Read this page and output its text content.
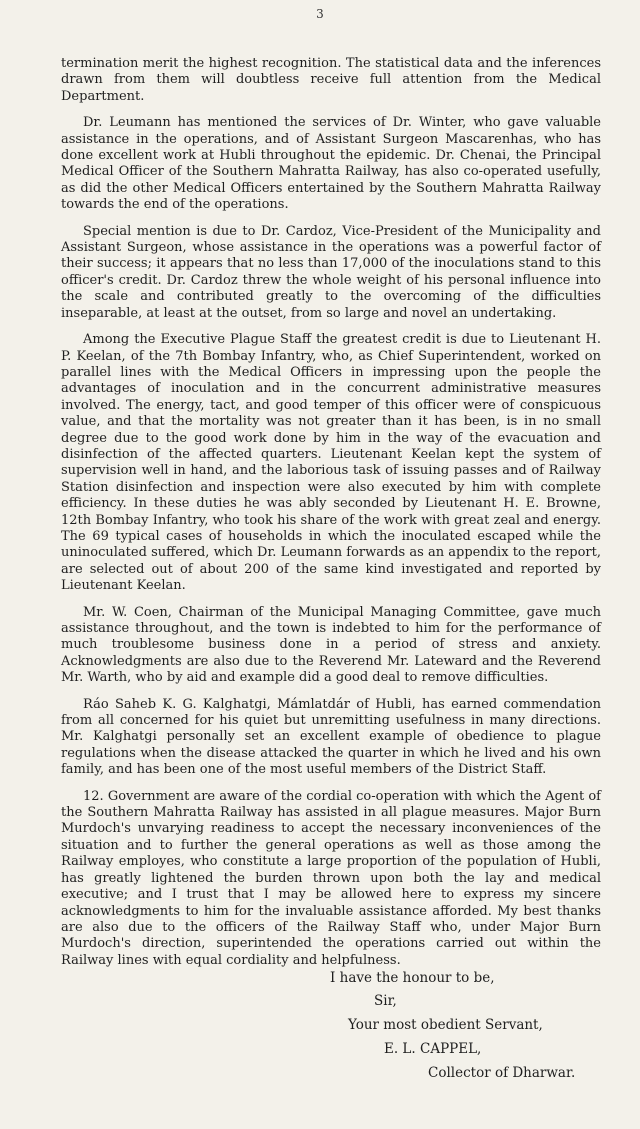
3

termination merit the highest recognition. The statistical data and the inferences drawn from them will doubtless receive full attention from the Medical Department.

Dr. Leumann has mentioned the services of Dr. Winter, who gave valuable assistance in the operations, and of Assistant Surgeon Mascarenhas, who has done excellent work at Hubli throughout the epidemic. Dr. Chenai, the Principal Medical Officer of the Southern Mahratta Railway, has also co-operated usefully, as did the other Medical Officers entertained by the Southern Mahratta Railway towards the end of the operations.

Special mention is due to Dr. Cardoz, Vice-President of the Municipality and Assistant Surgeon, whose assistance in the operations was a powerful factor of their success; it appears that no less than 17,000 of the inoculations stand to this officer's credit. Dr. Cardoz threw the whole weight of his personal influence into the scale and contributed greatly to the overcoming of the difficulties inseparable, at least at the outset, from so large and novel an undertaking.

Among the Executive Plague Staff the greatest credit is due to Lieutenant H. P. Keelan, of the 7th Bombay Infantry, who, as Chief Superintendent, worked on parallel lines with the Medical Officers in impressing upon the people the advantages of inoculation and in the concurrent administrative measures involved. The energy, tact, and good temper of this officer were of conspicuous value, and that the mortality was not greater than it has been, is in no small degree due to the good work done by him in the way of the evacuation and disinfection of the affected quarters. Lieutenant Keelan kept the system of supervision well in hand, and the laborious task of issuing passes and of Railway Station disinfection and inspection were also executed by him with complete efficiency. In these duties he was ably seconded by Lieutenant H. E. Browne, 12th Bombay Infantry, who took his share of the work with great zeal and energy. The 69 typical cases of households in which the inoculated escaped while the uninoculated suffered, which Dr. Leumann forwards as an appendix to the report, are selected out of about 200 of the same kind investigated and reported by Lieutenant Keelan.

Mr. W. Coen, Chairman of the Municipal Managing Committee, gave much assistance throughout, and the town is indebted to him for the performance of much troublesome business done in a period of stress and anxiety. Acknowledgments are also due to the Reverend Mr. Lateward and the Reverend Mr. Warth, who by aid and example did a good deal to remove difficulties.

Ráo Saheb K. G. Kalghatgi, Mámlatdár of Hubli, has earned commendation from all concerned for his quiet but unremitting usefulness in many directions. Mr. Kalghatgi personally set an excellent example of obedience to plague regulations when the disease attacked the quarter in which he lived and his own family, and has been one of the most useful members of the District Staff.

12. Government are aware of the cordial co-operation with which the Agent of the Southern Mahratta Railway has assisted in all plague measures. Major Burn Murdoch's unvarying readiness to accept the necessary inconveniences of the situation and to further the general operations as well as those among the Railway employes, who constitute a large proportion of the population of Hubli, has greatly lightened the burden thrown upon both the lay and medical executive; and I trust that I may be allowed here to express my sincere acknowledgments to him for the invaluable assistance afforded. My best thanks are also due to the officers of the Railway Staff who, under Major Burn Murdoch's direction, superintended the operations carried out within the Railway lines with equal cordiality and helpfulness.

I have the honour to be,
Sir,
Your most obedient Servant,
E. L. CAPPEL,
Collector of Dharwar.
